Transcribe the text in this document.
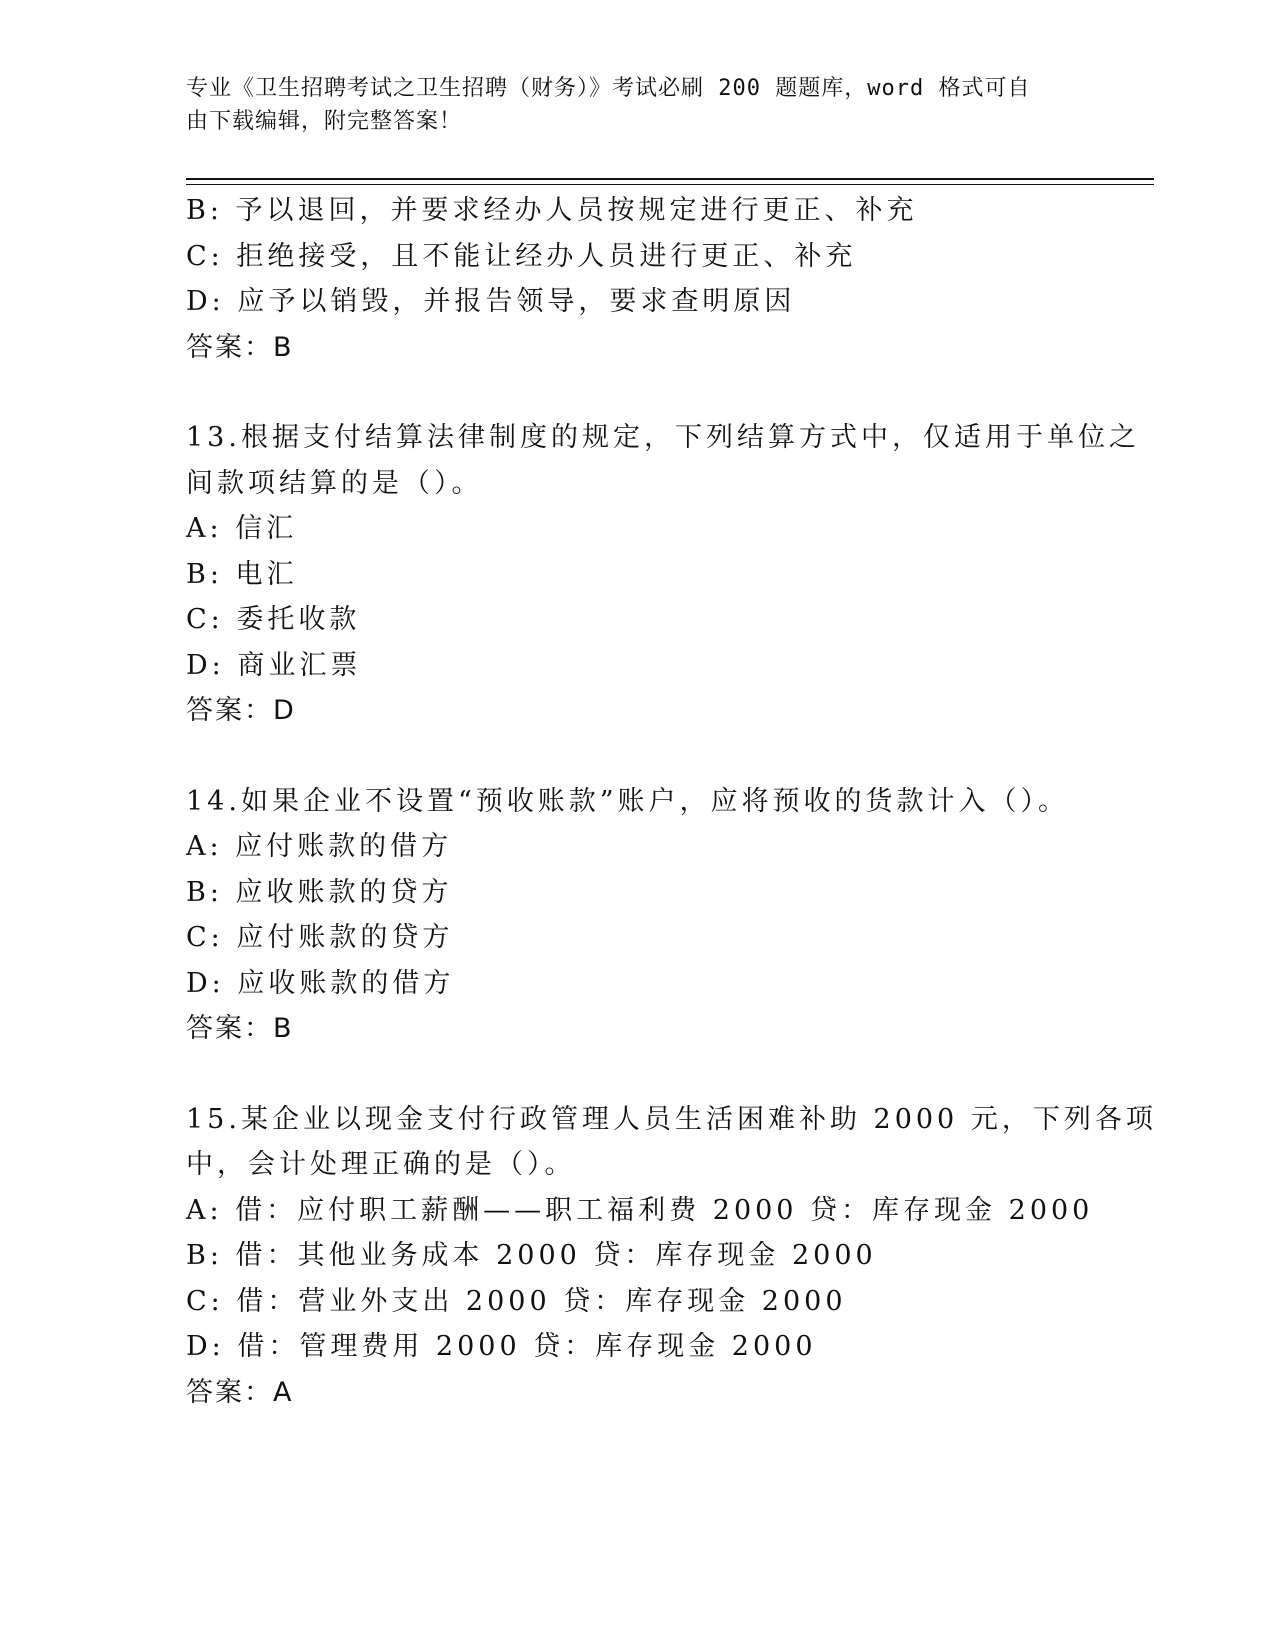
专业《卫生招聘考试之卫生招聘（财务）》考试必刷 200 题题库，word 格式可自
由下载编辑，附完整答案！
B: 予以退回，并要求经办人员按规定进行更正、补充
C: 拒绝接受，且不能让经办人员进行更正、补充
D: 应予以销毁，并报告领导，要求查明原因
答案：B
13.根据支付结算法律制度的规定，下列结算方式中，仅适用于单位之
间款项结算的是（）。
A: 信汇
B: 电汇
C: 委托收款
D: 商业汇票
答案：D
14.如果企业不设置“预收账款”账户，应将预收的货款计入（）。
A: 应付账款的借方
B: 应收账款的贷方
C: 应付账款的贷方
D: 应收账款的借方
答案：B
15.某企业以现金支付行政管理人员生活困难补助 2000 元，下列各项
中，会计处理正确的是（）。
A: 借：应付职工薪酬——职工福利费 2000 贷：库存现金 2000
B: 借：其他业务成本 2000 贷：库存现金 2000
C: 借：营业外支出 2000 贷：库存现金 2000
D: 借：管理费用 2000 贷：库存现金 2000
答案：A
